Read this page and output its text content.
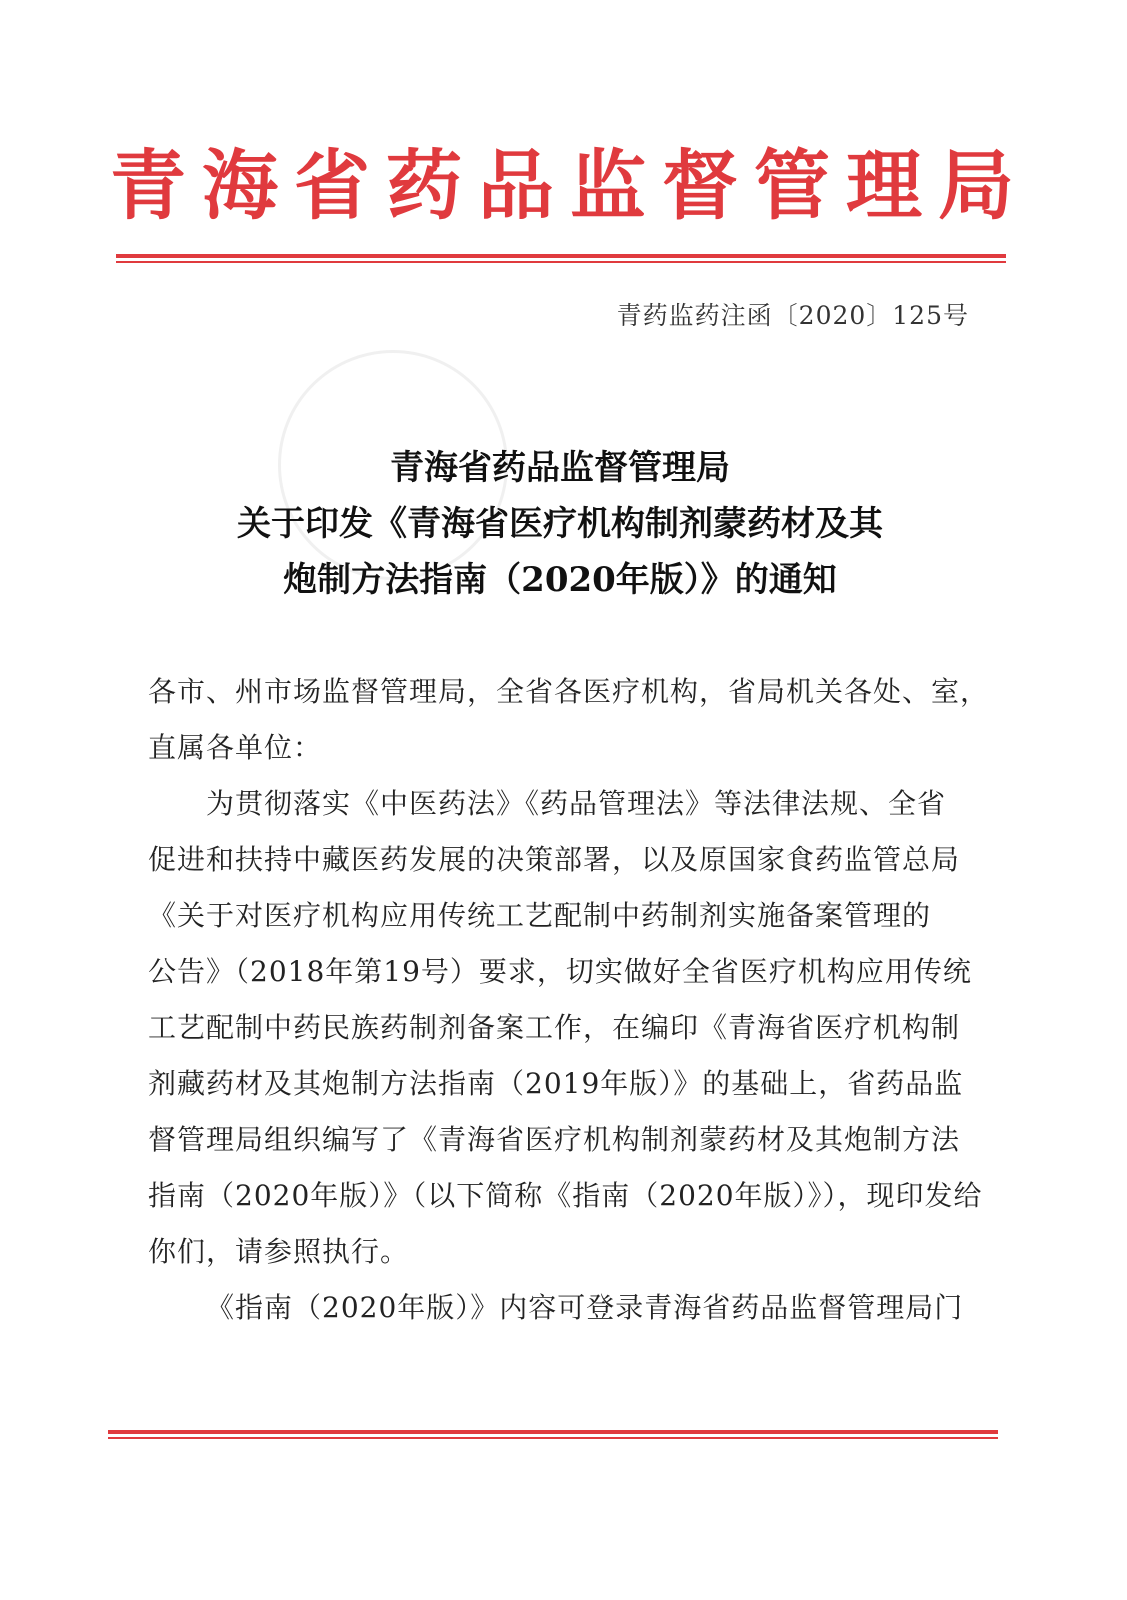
青海省药品监督管理局
青药监药注函〔2020〕125号
青海省药品监督管理局
关于印发《青海省医疗机构制剂蒙药材及其
炮制方法指南（2020年版）》的通知

各市、州市场监督管理局，全省各医疗机构，省局机关各处、室，

直属各单位：

为贯彻落实《中医药法》《药品管理法》等法律法规、全省
促进和扶持中藏医药发展的决策部署，以及原国家食药监管总局
《关于对医疗机构应用传统工艺配制中药制剂实施备案管理的
公告》（2018年第19号）要求，切实做好全省医疗机构应用传统
工艺配制中药民族药制剂备案工作，在编印《青海省医疗机构制
剂藏药材及其炮制方法指南（2019年版）》的基础上，省药品监
督管理局组织编写了《青海省医疗机构制剂蒙药材及其炮制方法
指南（2020年版）》（以下简称《指南（2020年版）》），现印发给
你们，请参照执行。

《指南（2020年版）》内容可登录青海省药品监督管理局门
